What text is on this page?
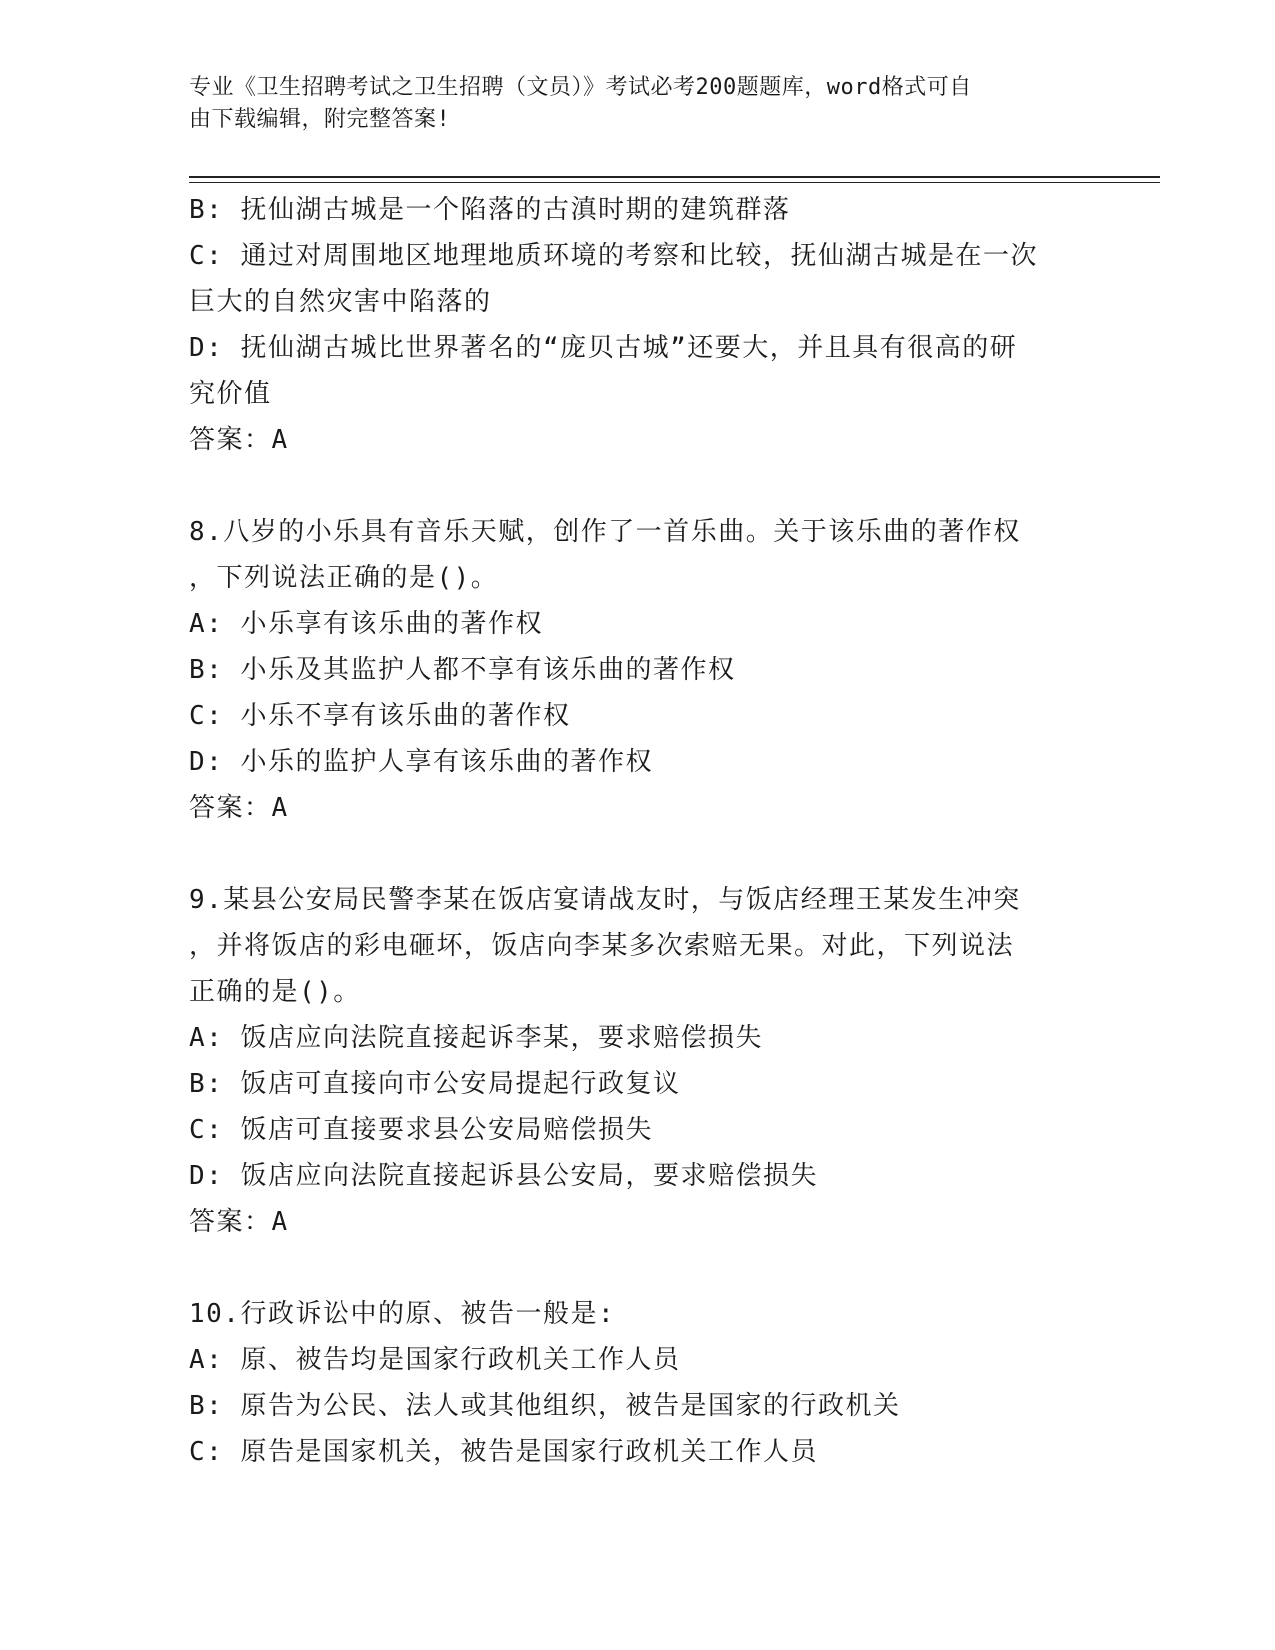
专业《卫生招聘考试之卫生招聘（文员）》考试必考200题题库，word格式可自
由下载编辑，附完整答案!
B: 抚仙湖古城是一个陷落的古滇时期的建筑群落
C: 通过对周围地区地理地质环境的考察和比较，抚仙湖古城是在一次
巨大的自然灾害中陷落的
D: 抚仙湖古城比世界著名的“庞贝古城”还要大，并且具有很高的研
究价值
答案：A
8.八岁的小乐具有音乐天赋，创作了一首乐曲。关于该乐曲的著作权
，下列说法正确的是()。
A: 小乐享有该乐曲的著作权
B: 小乐及其监护人都不享有该乐曲的著作权
C: 小乐不享有该乐曲的著作权
D: 小乐的监护人享有该乐曲的著作权
答案：A
9.某县公安局民警李某在饭店宴请战友时，与饭店经理王某发生冲突
，并将饭店的彩电砸坏，饭店向李某多次索赔无果。对此，下列说法
正确的是()。
A: 饭店应向法院直接起诉李某，要求赔偿损失
B: 饭店可直接向市公安局提起行政复议
C: 饭店可直接要求县公安局赔偿损失
D: 饭店应向法院直接起诉县公安局，要求赔偿损失
答案：A
10.行政诉讼中的原、被告一般是:
A: 原、被告均是国家行政机关工作人员
B: 原告为公民、法人或其他组织，被告是国家的行政机关
C: 原告是国家机关，被告是国家行政机关工作人员
